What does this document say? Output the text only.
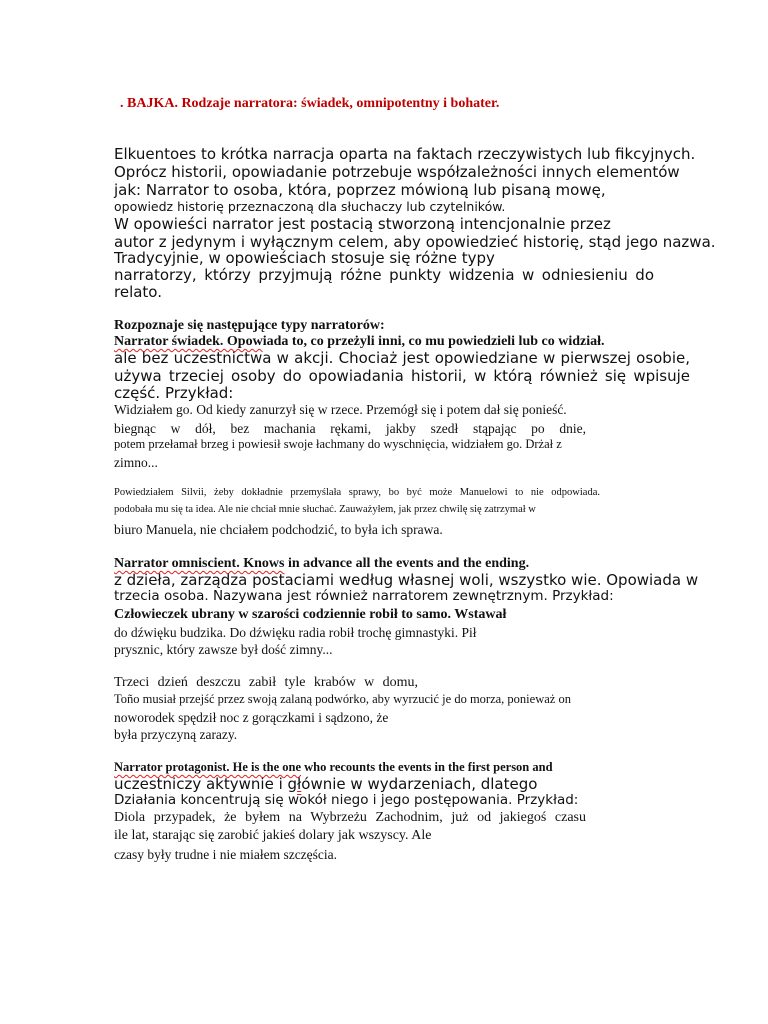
. BAJKA. Rodzaje narratora: świadek, omnipotentny i bohater.

Elkuentoes to krótka narracja oparta na faktach rzeczywistych lub fikcyjnych.

Oprócz historii, opowiadanie potrzebuje współzależności innych elementów

jak: Narrator to osoba, która, poprzez mówioną lub pisaną mowę,

opowiedz historię przeznaczoną dla słuchaczy lub czytelników.

W opowieści narrator jest postacią stworzoną intencjonalnie przez

autor z jedynym i wyłącznym celem, aby opowiedzieć historię, stąd jego nazwa.

Tradycyjnie, w opowieściach stosuje się różne typy

narratorzy, którzy przyjmują różne punkty widzenia w odniesieniu do

relato.

Rozpoznaje się następujące typy narratorów:

Narrator świadek. Opowiada to, co przeżyli inni, co mu powiedzieli lub co widział.

ale bez uczestnictwa w akcji. Chociaż jest opowiedziane w pierwszej osobie,

używa trzeciej osoby do opowiadania historii, w którą również się wpisuje

część. Przykład:

Widziałem go. Od kiedy zanurzył się w rzece. Przemógł się i potem dał się ponieść.

biegnąc w dół, bez machania rękami, jakby szedł stąpając po dnie,

potem przełamał brzeg i powiesił swoje łachmany do wyschnięcia, widziałem go. Drżał z

zimno...

Powiedziałem Silvii, żeby dokładnie przemyślała sprawy, bo być może Manuelowi to nie odpowiada.

podobała mu się ta idea. Ale nie chciał mnie słuchać. Zauważyłem, jak przez chwilę się zatrzymał w

biuro Manuela, nie chciałem podchodzić, to była ich sprawa.

Narrator omniscient. Knows in advance all the events and the ending.

z dzieła, zarządza postaciami według własnej woli, wszystko wie. Opowiada w

trzecia osoba. Nazywana jest również narratorem zewnętrznym. Przykład:

Człowieczek ubrany w szarości codziennie robił to samo. Wstawał

do dźwięku budzika. Do dźwięku radia robił trochę gimnastyki. Pił

prysznic, który zawsze był dość zimny...

Trzeci dzień deszczu zabił tyle krabów w domu,

Toño musiał przejść przez swoją zalaną podwórko, aby wyrzucić je do morza, ponieważ on

noworodek spędził noc z gorączkami i sądzono, że

była przyczyną zarazy.

Narrator protagonist. He is the one who recounts the events in the first person and

uczestniczy aktywnie i głównie w wydarzeniach, dlatego

Działania koncentrują się wokół niego i jego postępowania. Przykład:

Diola przypadek, że byłem na Wybrzeżu Zachodnim, już od jakiegoś czasu

ile lat, starając się zarobić jakieś dolary jak wszyscy. Ale

czasy były trudne i nie miałem szczęścia.
